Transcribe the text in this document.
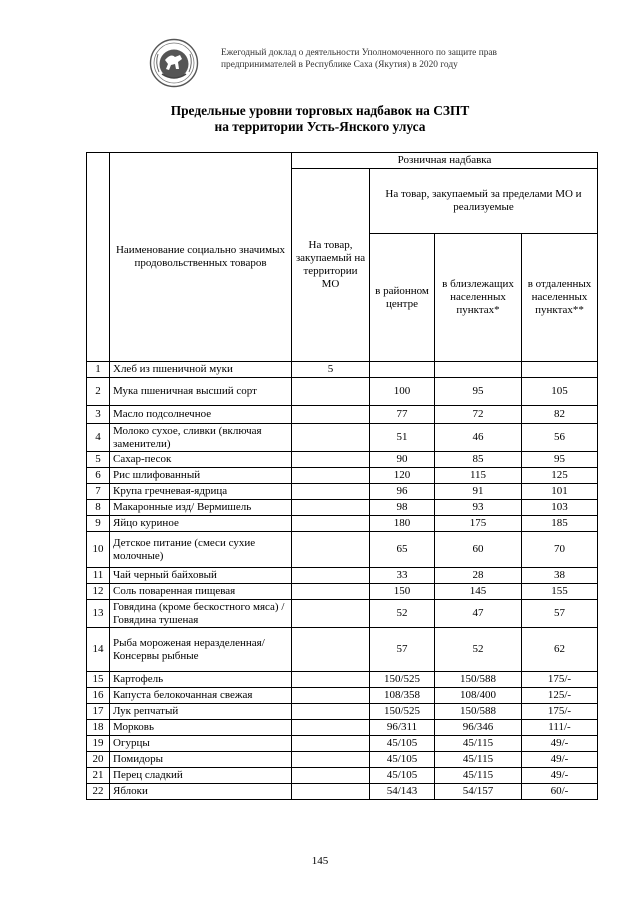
Ежегодный доклад о деятельности Уполномоченного по защите прав
предпринимателей в Республике Саха (Якутия) в 2020 году
Предельные уровни торговых надбавок на СЗПТ
на территории Усть-Янского улуса
	Наименование социально значимых продовольственных товаров	Розничная надбавка			
		На товар, закупаемый на территории МО	На товар, закупаемый за пределами МО и реализуемые		
			в районном центре	в близлежащих населенных пунктах*	в отдаленных населенных пунктах**
1	Хлеб из пшеничной муки	5			
2	Мука пшеничная высший сорт		100	95	105
3	Масло подсолнечное		77	72	82
4	Молоко сухое, сливки (включая заменители)		51	46	56
5	Сахар-песок		90	85	95
6	Рис шлифованный		120	115	125
7	Крупа гречневая-ядрица		96	91	101
8	Макаронные изд/ Вермишель		98	93	103
9	Яйцо куриное		180	175	185
10	Детское питание (смеси сухие молочные)		65	60	70
11	Чай черный байховый		33	28	38
12	Соль поваренная пищевая		150	145	155
13	Говядина (кроме бескостного мяса) / Говядина тушеная		52	47	57
14	Рыба мороженая неразделенная/ Консервы рыбные		57	52	62
15	Картофель		150/525	150/588	175/-
16	Капуста белокочанная свежая		108/358	108/400	125/-
17	Лук репчатый		150/525	150/588	175/-
18	Морковь		96/311	96/346	111/-
19	Огурцы		45/105	45/115	49/-
20	Помидоры		45/105	45/115	49/-
21	Перец сладкий		45/105	45/115	49/-
22	Яблоки		54/143	54/157	60/-
145
